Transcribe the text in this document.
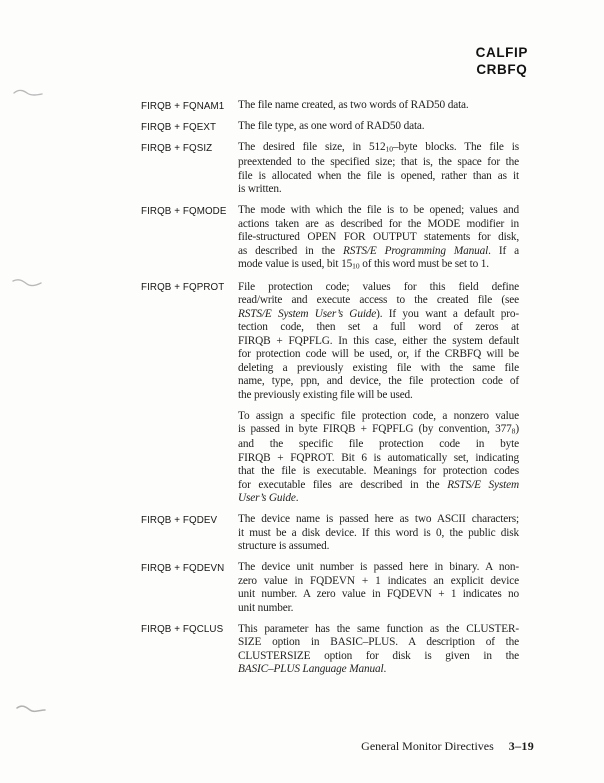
CALFIP
CRBFQ
FIRQB + FQNAM1	The file name created, as two words of RAD50 data.
FIRQB + FQEXT	The file type, as one word of RAD50 data.
FIRQB + FQSIZ	The desired file size, in 51210–byte blocks. The file is
preextended to the specified size; that is, the space for the
file is allocated when the file is opened, rather than as it
is written.
FIRQB + FQMODE	The mode with which the file is to be opened; values and
actions taken are as described for the MODE modifier in
file-structured OPEN FOR OUTPUT statements for disk,
as described in the RSTS/E Programming Manual. If a
mode value is used, bit 1510 of this word must be set to 1.
FIRQB + FQPROT	File protection code; values for this field define
read/write and execute access to the created file (see
RSTS/E System User’s Guide). If you want a default pro-
tection code, then set a full word of zeros at
FIRQB + FQPFLG. In this case, either the system default
for protection code will be used, or, if the CRBFQ will be
deleting a previously existing file with the same file
name, type, ppn, and device, the file protection code of
the previously existing file will be used.
To assign a specific file protection code, a nonzero value
is passed in byte FIRQB + FQPFLG (by convention, 3778)
and the specific file protection code in byte
FIRQB + FQPROT. Bit 6 is automatically set, indicating
that the file is executable. Meanings for protection codes
for executable files are described in the RSTS/E System
User’s Guide.
FIRQB + FQDEV	The device name is passed here as two ASCII characters;
it must be a disk device. If this word is 0, the public disk
structure is assumed.
FIRQB + FQDEVN	The device unit number is passed here in binary. A non-
zero value in FQDEVN + 1 indicates an explicit device
unit number. A zero value in FQDEVN + 1 indicates no
unit number.
FIRQB + FQCLUS	This parameter has the same function as the CLUSTER-
SIZE option in BASIC–PLUS. A description of the
CLUSTERSIZE option for disk is given in the
BASIC–PLUS Language Manual.
General Monitor Directives 3–19
